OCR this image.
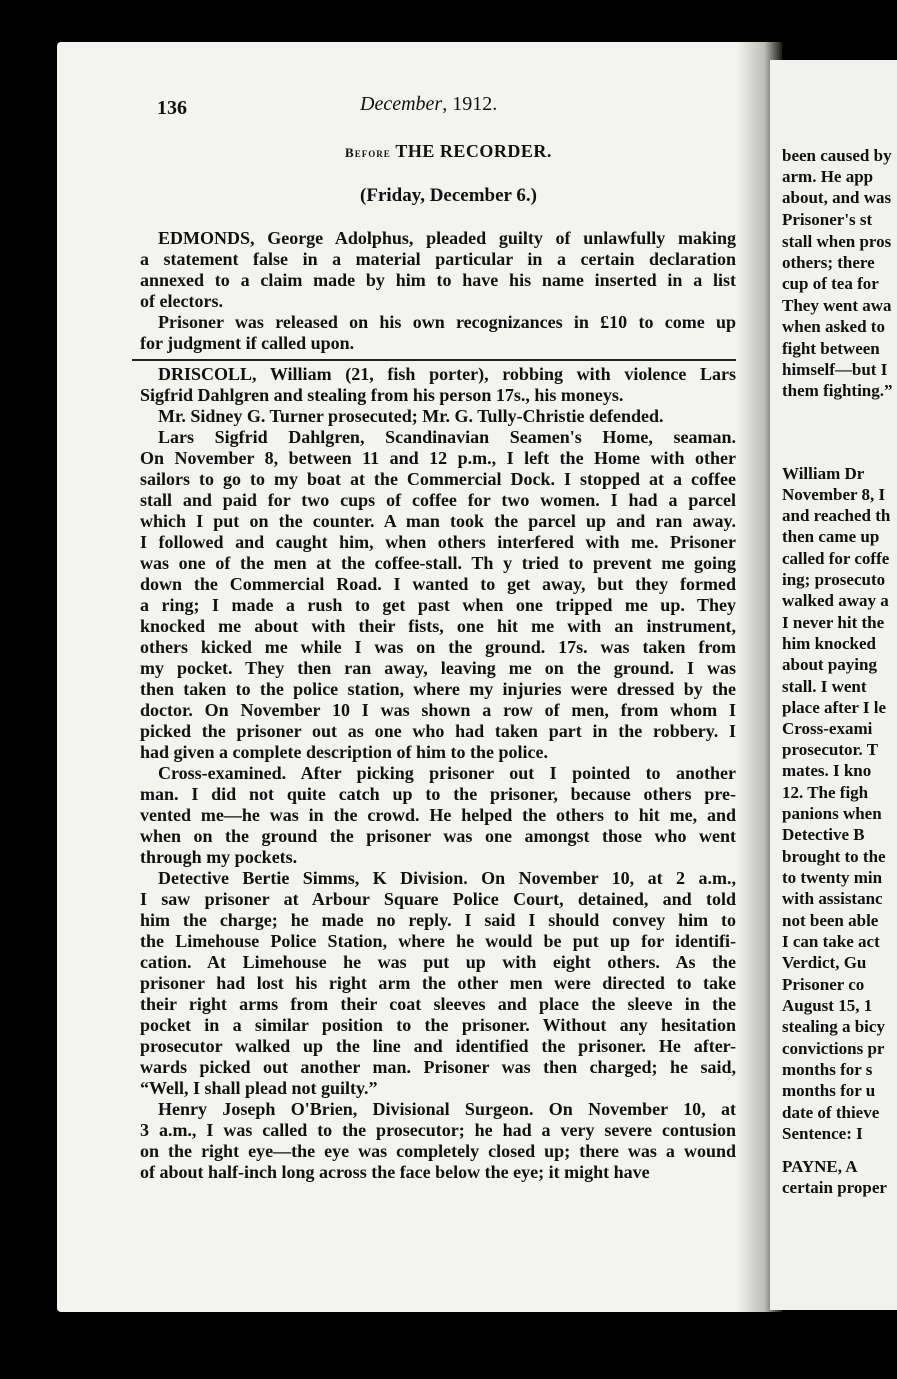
been caused by
arm. He app
about, and was
Prisoner's st
stall when pros
others; there
cup of tea for
They went awa
when asked to
fight between
himself—but I
them fighting.”
William Dr
November 8, I
and reached th
then came up
called for coffe
ing; prosecuto
walked away a
I never hit the
him knocked
about paying
stall. I went
place after I le
Cross-exami
prosecutor. T
mates. I kno
12. The figh
panions when
Detective B
brought to the
to twenty min
with assistanc
not been able
I can take act
Verdict, Gu
Prisoner co
August 15, 1
stealing a bicy
convictions pr
months for s
months for u
date of thieve
Sentence: I
PAYNE, A
certain proper
136	December, 1912.
Before THE RECORDER.
(Friday, December 6.)

EDMONDS, George Adolphus, pleaded guilty of unlawfully making

a statement false in a material particular in a certain declaration

annexed to a claim made by him to have his name inserted in a list

of electors.

Prisoner was released on his own recognizances in £10 to come up

for judgment if called upon.

DRISCOLL, William (21, fish porter), robbing with violence Lars

Sigfrid Dahlgren and stealing from his person 17s., his moneys.

Mr. Sidney G. Turner prosecuted; Mr. G. Tully-Christie defended.

Lars Sigfrid Dahlgren, Scandinavian Seamen's Home, seaman.

On November 8, between 11 and 12 p.m., I left the Home with other

sailors to go to my boat at the Commercial Dock. I stopped at a coffee

stall and paid for two cups of coffee for two women. I had a parcel

which I put on the counter. A man took the parcel up and ran away.

I followed and caught him, when others interfered with me. Prisoner

was one of the men at the coffee-stall. Th y tried to prevent me going

down the Commercial Road. I wanted to get away, but they formed

a ring; I made a rush to get past when one tripped me up. They

knocked me about with their fists, one hit me with an instrument,

others kicked me while I was on the ground. 17s. was taken from

my pocket. They then ran away, leaving me on the ground. I was

then taken to the police station, where my injuries were dressed by the

doctor. On November 10 I was shown a row of men, from whom I

picked the prisoner out as one who had taken part in the robbery. I

had given a complete description of him to the police.

Cross-examined. After picking prisoner out I pointed to another

man. I did not quite catch up to the prisoner, because others pre-

vented me—he was in the crowd. He helped the others to hit me, and

when on the ground the prisoner was one amongst those who went

through my pockets.

Detective Bertie Simms, K Division. On November 10, at 2 a.m.,

I saw prisoner at Arbour Square Police Court, detained, and told

him the charge; he made no reply. I said I should convey him to

the Limehouse Police Station, where he would be put up for identifi-

cation. At Limehouse he was put up with eight others. As the

prisoner had lost his right arm the other men were directed to take

their right arms from their coat sleeves and place the sleeve in the

pocket in a similar position to the prisoner. Without any hesitation

prosecutor walked up the line and identified the prisoner. He after-

wards picked out another man. Prisoner was then charged; he said,

“Well, I shall plead not guilty.”

Henry Joseph O'Brien, Divisional Surgeon. On November 10, at

3 a.m., I was called to the prosecutor; he had a very severe contusion

on the right eye—the eye was completely closed up; there was a wound

of about half-inch long across the face below the eye; it might have
